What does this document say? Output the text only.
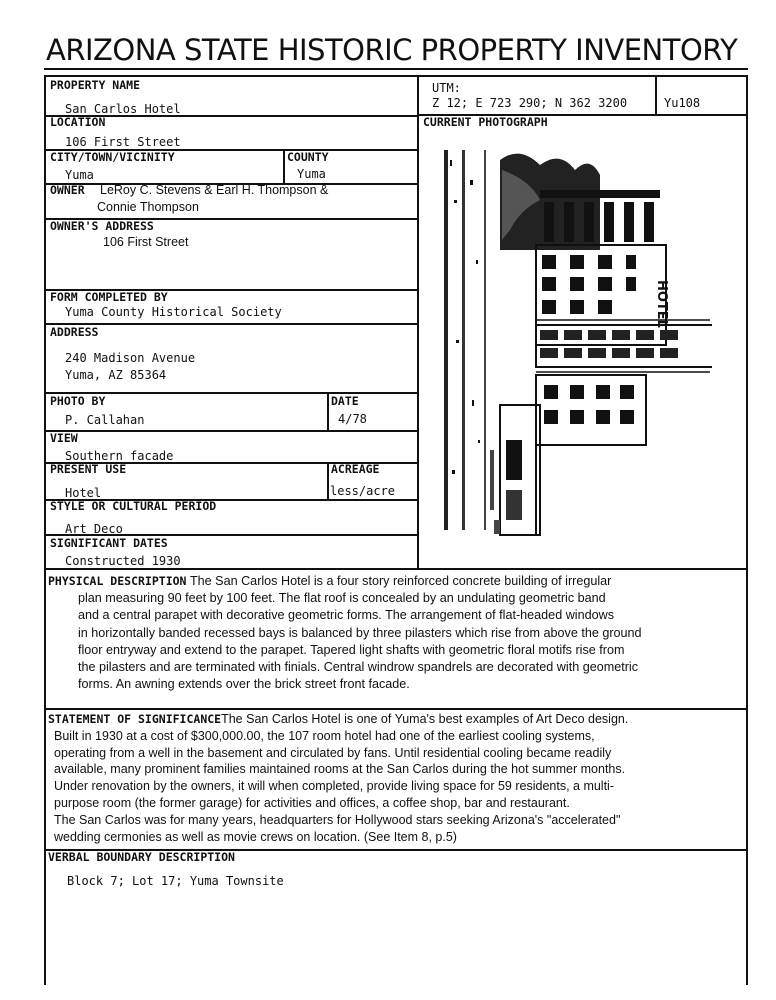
ARIZONA STATE HISTORIC PROPERTY INVENTORY
PROPERTY NAME
San Carlos Hotel
LOCATION
106 First Street
CITY/TOWN/VICINITY
Yuma
COUNTY
Yuma
OWNER LeRoy C. Stevens & Earl H. Thompson &
Connie Thompson
OWNER'S ADDRESS
106 First Street
FORM COMPLETED BY
Yuma County Historical Society
ADDRESS
240 Madison Avenue
Yuma, AZ 85364
PHOTO BY
P. Callahan
DATE
4/78
VIEW
Southern facade
PRESENT USE
Hotel
ACREAGE
less/acre
STYLE OR CULTURAL PERIOD
Art Deco
SIGNIFICANT DATES
Constructed 1930
UTM:
Z 12; E 723 290; N 362 3200	Yu108
CURRENT PHOTOGRAPH
HOTEL
PHYSICAL DESCRIPTION The San Carlos Hotel is a four story reinforced concrete building of irregular
plan measuring 90 feet by 100 feet. The flat roof is concealed by an undulating geometric band
and a central parapet with decorative geometric forms. The arrangement of flat-headed windows
in horizontally banded recessed bays is balanced by three pilasters which rise from above the ground
floor entryway and extend to the parapet. Tapered light shafts with geometric floral motifs rise from
the pilasters and are terminated with finials. Central windrow spandrels are decorated with geometric
forms. An awning extends over the brick street front facade.
STATEMENT OF SIGNIFICANCEThe San Carlos Hotel is one of Yuma's best examples of Art Deco design.
Built in 1930 at a cost of $300,000.00, the 107 room hotel had one of the earliest cooling systems,
operating from a well in the basement and circulated by fans. Until residential cooling became readily
available, many prominent families maintained rooms at the San Carlos during the hot summer months.
Under renovation by the owners, it will when completed, provide living space for 59 residents, a multi-
purpose room (the former garage) for activities and offices, a coffee shop, bar and restaurant.
The San Carlos was for many years, headquarters for Hollywood stars seeking Arizona's "accelerated"
wedding cermonies as well as movie crews on location. (See Item 8, p.5)
VERBAL BOUNDARY DESCRIPTION
Block 7; Lot 17; Yuma Townsite
